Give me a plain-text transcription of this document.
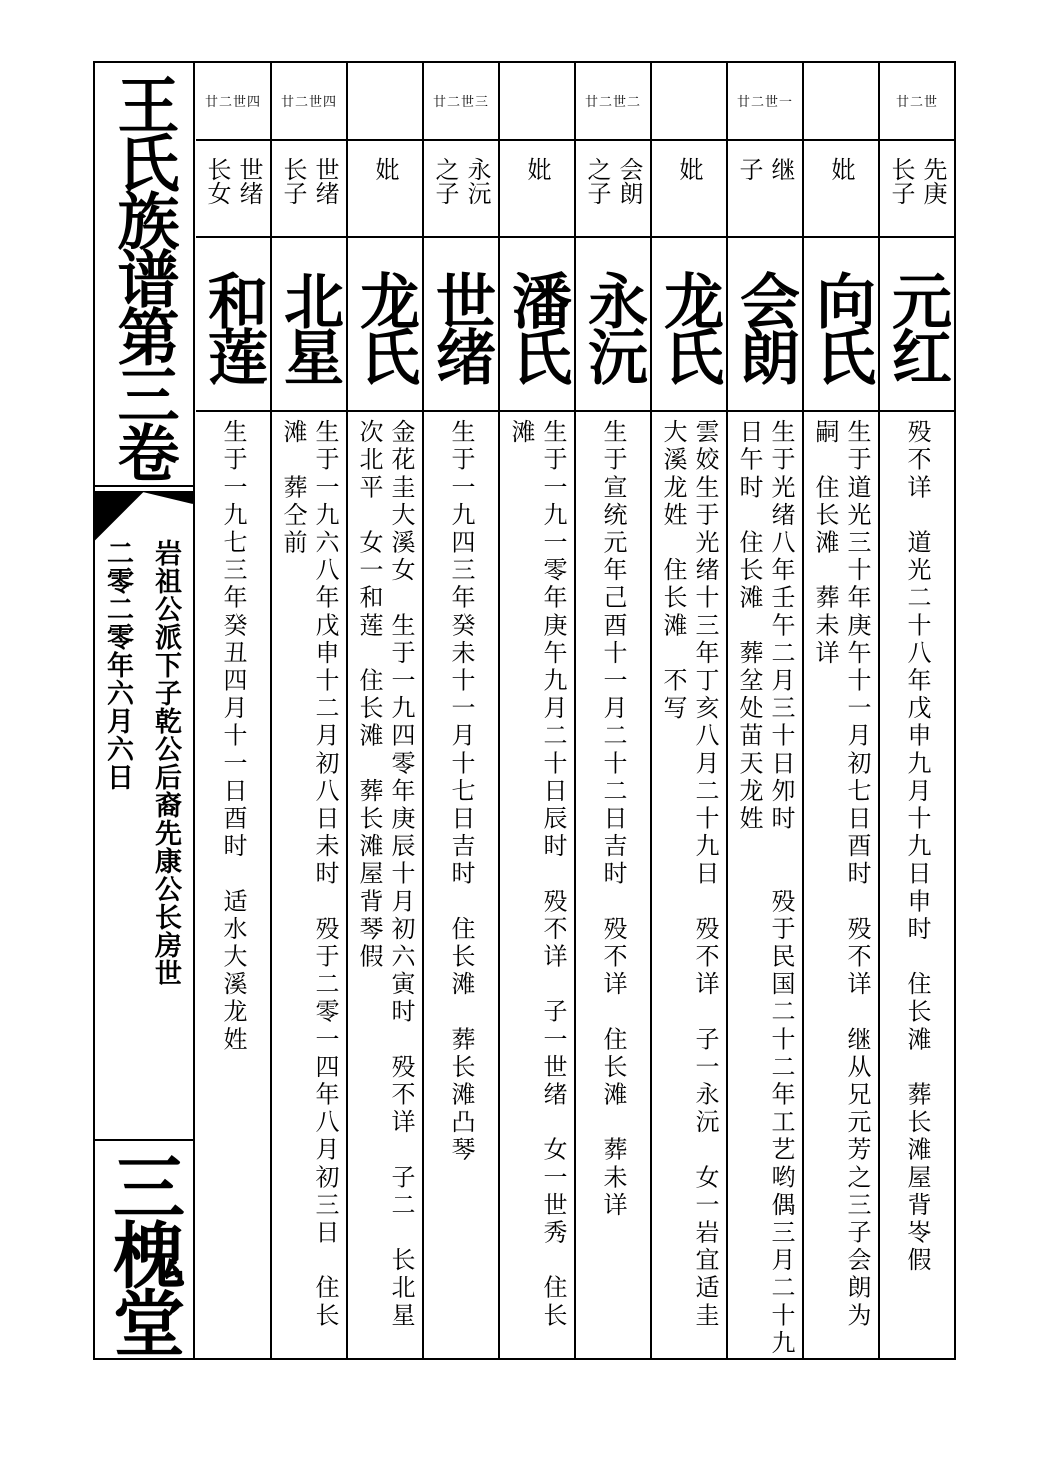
王氏族谱第三卷
岩祖公派下子乾公后裔先康公长房世
二零二零年六月六日
三槐堂
廿二世
先庚
长子
元红
殁不详　道光二十八年戊申九月十九日申时　住长滩　葬长滩屋背岺假
妣
向氏
生于道光三十年庚午十一月初七日酉时　殁不详　继从兄元芳之三子会朗为
嗣　住长滩　葬未详
廿二世一
继
子
会朗
生于光绪八年壬午二月三十日夘时　　殁于民国二十二年工艺哟偶三月二十九
日午时　住长滩　葬坌处苗天龙姓
妣
龙氏
雲姣生于光绪十三年丁亥八月二十九日　殁不详　子一永沅　女一岩宜适圭
大溪龙姓　住长滩　不写
廿二世二
会朗
之子
永沅
生于宣统元年己酉十一月二十二日吉时　殁不详　住长滩　葬未详
妣
潘氏
生于一九一零年庚午九月二十日辰时　殁不详　子一世绪　女一世秀　住长
滩
廿二世三
永沅
之子
世绪
生于一九四三年癸未十一月十七日吉时　住长滩　葬长滩凸琴
妣
龙氏
金花圭大溪女　生于一九四零年庚辰十月初六寅时　殁不详　子二　长北星
次北平　女一和莲　住长滩　葬长滩屋背琴假
廿二世四
世绪
长子
北星
生于一九六八年戊申十二月初八日未时　殁于二零一四年八月初三日　住长
滩　葬仝前
廿二世四
世绪
长女
和莲
生于一九七三年癸丑四月十一日酉时　适水大溪龙姓
